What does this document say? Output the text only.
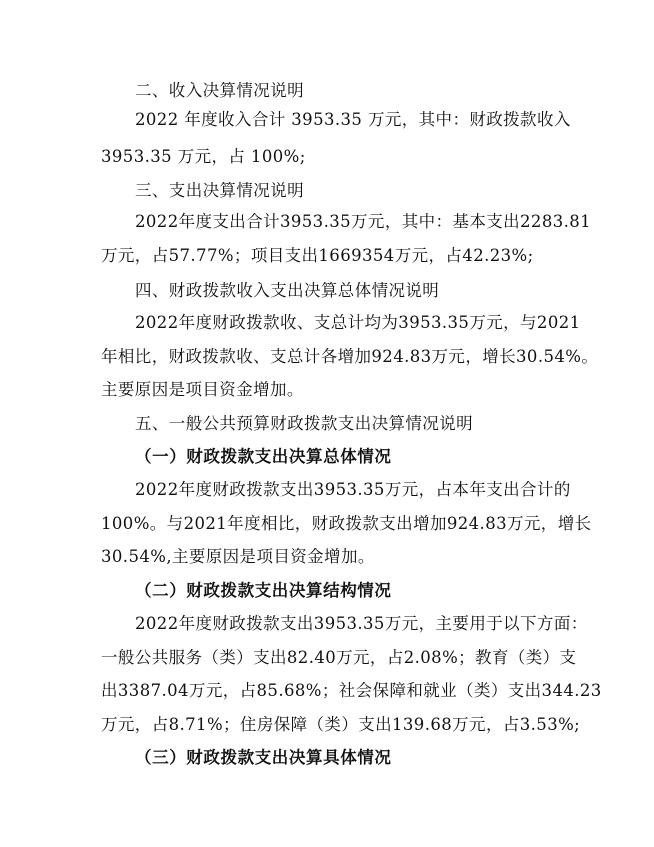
二、收入决算情况说明
2022 年度收入合计 3953.35 万元，其中：财政拨款收入
3953.35 万元，占 100%;
三、支出决算情况说明
2022年度支出合计3953.35万元，其中：基本支出2283.81
万元，占57.77%；项目支出1669354万元，占42.23%;
四、财政拨款收入支出决算总体情况说明
2022年度财政拨款收、支总计均为3953.35万元，与2021
年相比，财政拨款收、支总计各增加924.83万元，增长30.54%。
主要原因是项目资金增加。
五、一般公共预算财政拨款支出决算情况说明
（一）财政拨款支出决算总体情况
2022年度财政拨款支出3953.35万元，占本年支出合计的
100%。与2021年度相比，财政拨款支出增加924.83万元，增长
30.54%,主要原因是项目资金增加。
（二）财政拨款支出决算结构情况
2022年度财政拨款支出3953.35万元，主要用于以下方面：
一般公共服务（类）支出82.40万元，占2.08%；教育（类）支
出3387.04万元，占85.68%；社会保障和就业（类）支出344.23
万元，占8.71%；住房保障（类）支出139.68万元，占3.53%;
（三）财政拨款支出决算具体情况
